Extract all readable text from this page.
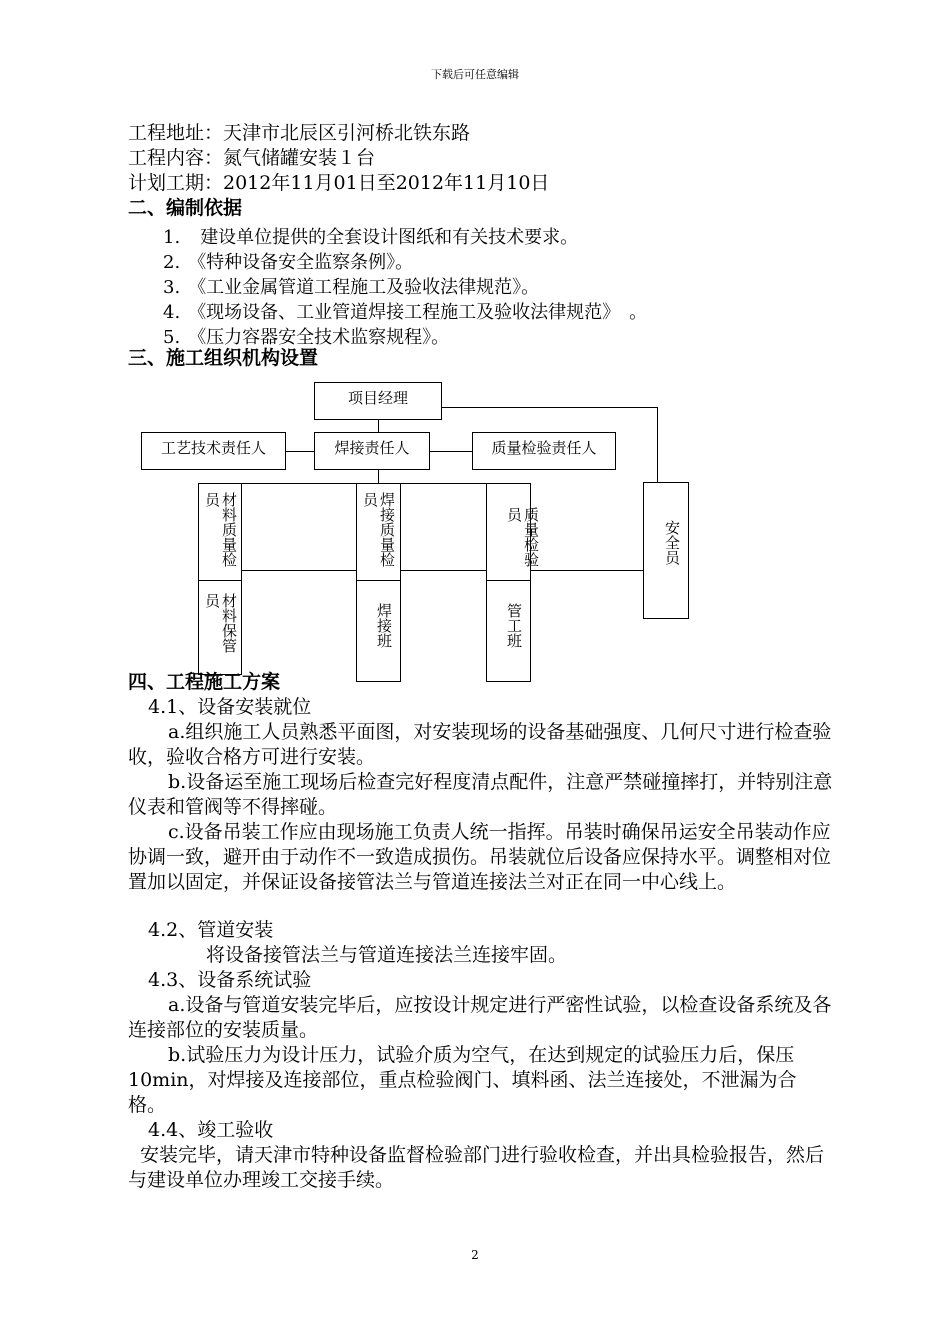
下载后可任意编辑
工程地址：天津市北辰区引河桥北铁东路
工程内容：氮气储罐安装１台
计划工期：2012年11月01日至2012年11月10日
二、编制依据
1. 建设单位提供的全套设计图纸和有关技术要求。
2. 《特种设备安全监察条例》。
3. 《工业金属管道工程施工及验收法律规范》。
4. 《现场设备、工业管道焊接工程施工及验收法律规范》　。
5. 《压力容器安全技术监察规程》。
三、施工组织机构设置
项目经理
工艺技术责任人	焊接责任人	质量检验责任人
员 材料质量检	员 焊接质量检	质量检验员
安全员
员 材料保管	焊接班	管工班
四、工程施工方案
4.1、设备安装就位
a.组织施工人员熟悉平面图，对安装现场的设备基础强度、几何尺寸进行检查验收，验收合格方可进行安装。
b.设备运至施工现场后检查完好程度清点配件，注意严禁碰撞摔打，并特别注意仪表和管阀等不得摔碰。
c.设备吊装工作应由现场施工负责人统一指挥。吊装时确保吊运安全吊装动作应协调一致，避开由于动作不一致造成损伤。吊装就位后设备应保持水平。调整相对位置加以固定，并保证设备接管法兰与管道连接法兰对正在同一中心线上。
4.2、管道安装
将设备接管法兰与管道连接法兰连接牢固。
4.3、设备系统试验
a.设备与管道安装完毕后，应按设计规定进行严密性试验，以检查设备系统及各连接部位的安装质量。
b.试验压力为设计压力，试验介质为空气，在达到规定的试验压力后，保压10min，对焊接及连接部位，重点检验阀门、填料函、法兰连接处，不泄漏为合格。
4.4、竣工验收
安装完毕，请天津市特种设备监督检验部门进行验收检查，并出具检验报告，然后与建设单位办理竣工交接手续。
2
